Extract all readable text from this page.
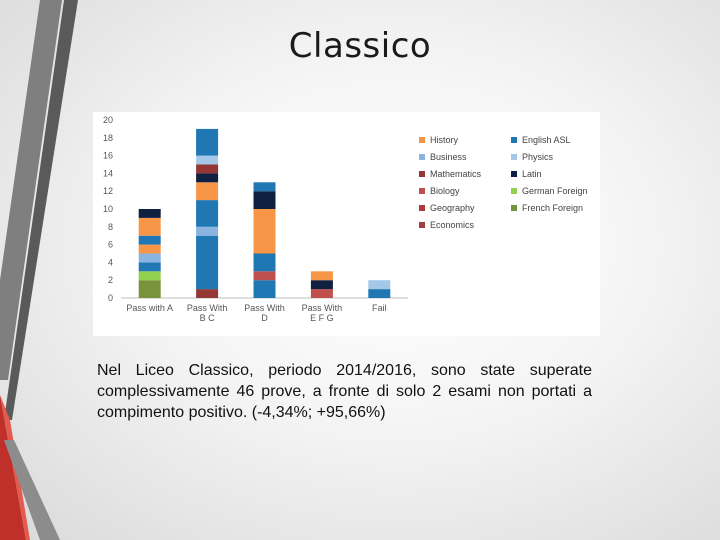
Classico
0
2
4
6
8
10
12
14
16
18
20
Pass with A Pass With
B C
Pass With
D
Pass With
E F G
Fail
History	English ASL
Business	Physics
Mathematics	Latin
Biology	German Foreign
Geography	French Foreign
Economics

Nel Liceo Classico, periodo 2014/2016, sono state superate complessivamente 46 prove, a fronte di solo 2 esami non portati a compimento positivo. (-4,34%; +95,66%)
